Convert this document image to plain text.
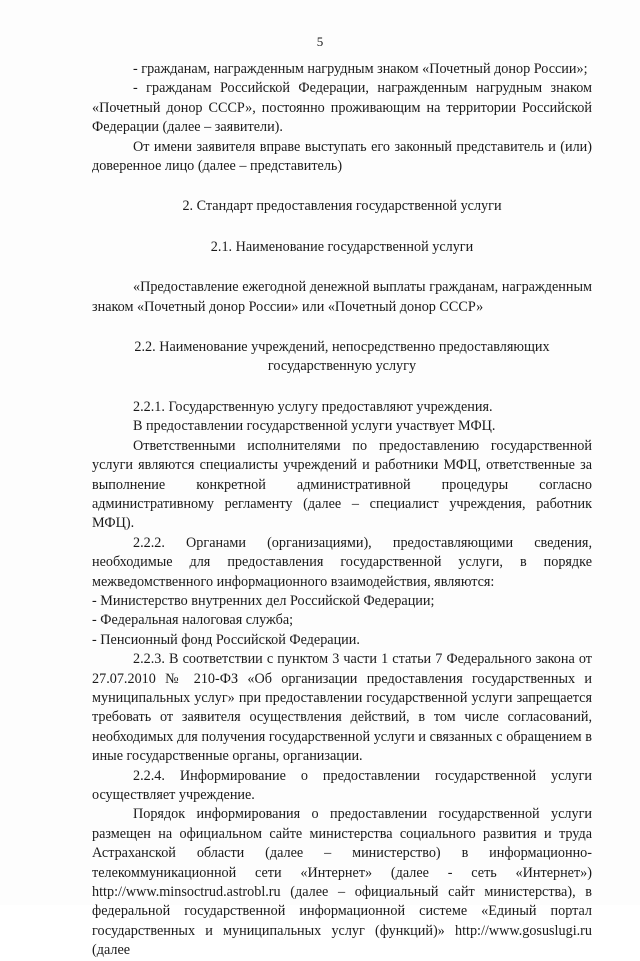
5

- гражданам, награжденным нагрудным знаком «Почетный донор России»;

- гражданам Российской Федерации, награжденным нагрудным знаком «Почетный донор СССР», постоянно проживающим на территории Российской Федерации (далее – заявители).

От имени заявителя вправе выступать его законный представитель и (или) доверенное лицо (далее – представитель)

2. Стандарт предоставления государственной услуги

2.1. Наименование государственной услуги

«Предоставление ежегодной денежной выплаты гражданам, награжденным знаком «Почетный донор России» или «Почетный донор СССР»

2.2. Наименование учреждений, непосредственно предоставляющих государственную услугу

2.2.1. Государственную услугу предоставляют учреждения.

В предоставлении государственной услуги участвует МФЦ.

Ответственными исполнителями по предоставлению государственной услуги являются специалисты учреждений и работники МФЦ, ответственные за выполнение конкретной административной процедуры согласно административному регламенту (далее – специалист учреждения, работник МФЦ).

2.2.2. Органами (организациями), предоставляющими сведения, необходимые для предоставления государственной услуги, в порядке межведомственного информационного взаимодействия, являются:

- Министерство внутренних дел Российской Федерации;

- Федеральная налоговая служба;

- Пенсионный фонд Российской Федерации.

2.2.3. В соответствии с пунктом 3 части 1 статьи 7 Федерального закона от 27.07.2010 № 210-ФЗ «Об организации предоставления государственных и муниципальных услуг» при предоставлении государственной услуги запрещается требовать от заявителя осуществления действий, в том числе согласований, необходимых для получения государственной услуги и связанных с обращением в иные государственные органы, организации.

2.2.4. Информирование о предоставлении государственной услуги осуществляет учреждение.

Порядок информирования о предоставлении государственной услуги размещен на официальном сайте министерства социального развития и труда Астраханской области (далее – министерство) в информационно-телекоммуникационной сети «Интернет» (далее - сеть «Интернет») http://www.minsoctrud.astrobl.ru (далее – официальный сайт министерства), в федеральной государственной информационной системе «Единый портал государственных и муниципальных услуг (функций)» http://www.gosuslugi.ru (далее
